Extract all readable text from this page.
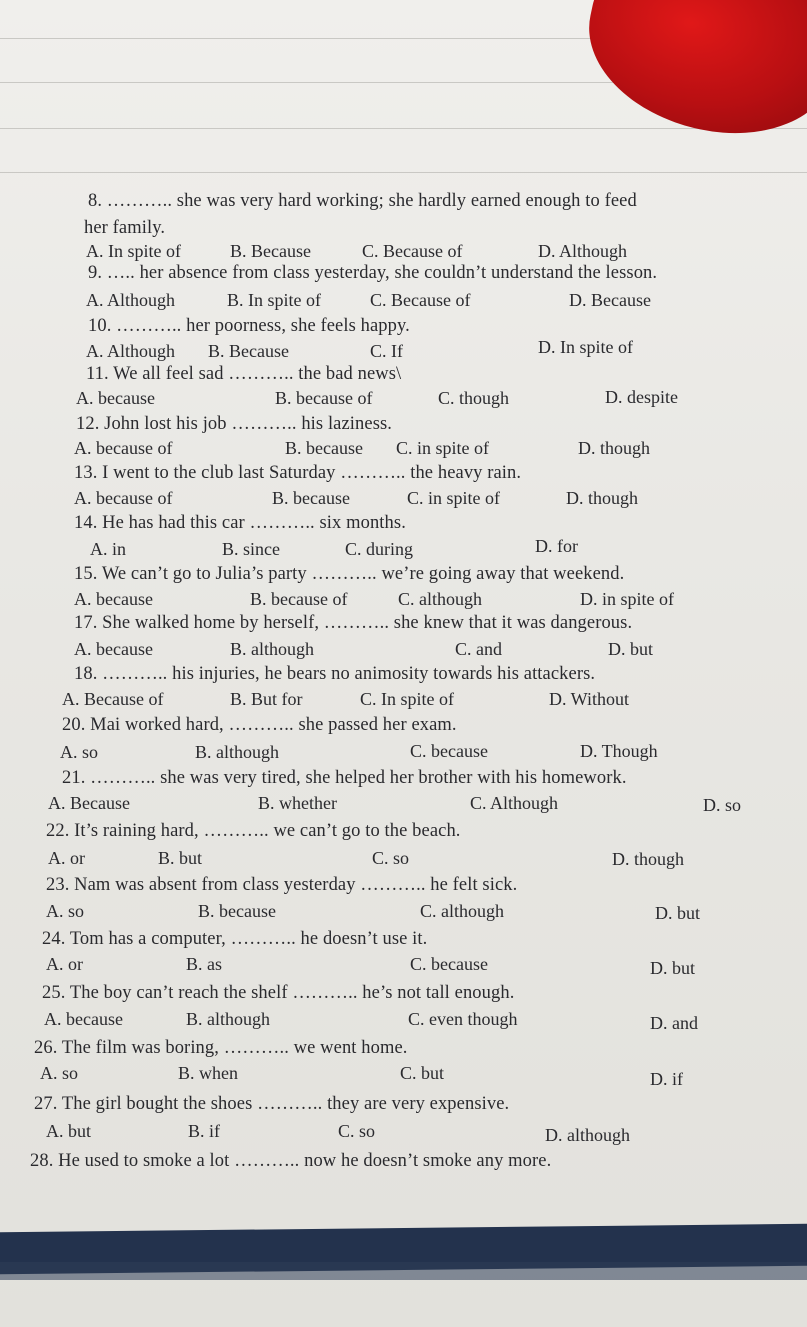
8. ……….. she was very hard working; she hardly earned enough to feed
her family.
A. In spite of	B. Because	C. Because of	D. Although
9. ….. her absence from class yesterday, she couldn’t understand the lesson.
A. Although	B. In spite of	C. Because of	D. Because
10. ……….. her poorness, she feels happy.
A. Although B. Because	C. If	D. In spite of
11. We all feel sad ……….. the bad news\
A. because	B. because of	C. though	D. despite
12. John lost his job ……….. his laziness.
A. because of	B. because C. in spite of	D. though
13. I went to the club last Saturday ……….. the heavy rain.
A. because of	B. because	C. in spite of	D. though
14. He has had this car ……….. six months.
A. in	B. since	C. during	D. for
15. We can’t go to Julia’s party ……….. we’re going away that weekend.
A. because	B. because of	C. although	D. in spite of
17. She walked home by herself, ……….. she knew that it was dangerous.
A. because	B. although	C. and	D. but
18. ……….. his injuries, he bears no animosity towards his attackers.
A. Because of	B. But for	C. In spite of	D. Without
20. Mai worked hard, ……….. she passed her exam.
A. so	B. although	C. because	D. Though
21. ……….. she was very tired, she helped her brother with his homework.
A. Because	B. whether	C. Although	D. so
22. It’s raining hard, ……….. we can’t go to the beach.
A. or	B. but	C. so	D. though
23. Nam was absent from class yesterday ……….. he felt sick.
A. so	B. because	C. although	D. but
24. Tom has a computer, ……….. he doesn’t use it.
A. or	B. as	C. because	D. but
25. The boy can’t reach the shelf ……….. he’s not tall enough.
A. because	B. although	C. even though	D. and
26. The film was boring, ……….. we went home.
A. so	B. when	C. but	D. if
27. The girl bought the shoes ……….. they are very expensive.
A. but	B. if	C. so	D. although
28. He used to smoke a lot ……….. now he doesn’t smoke any more.
